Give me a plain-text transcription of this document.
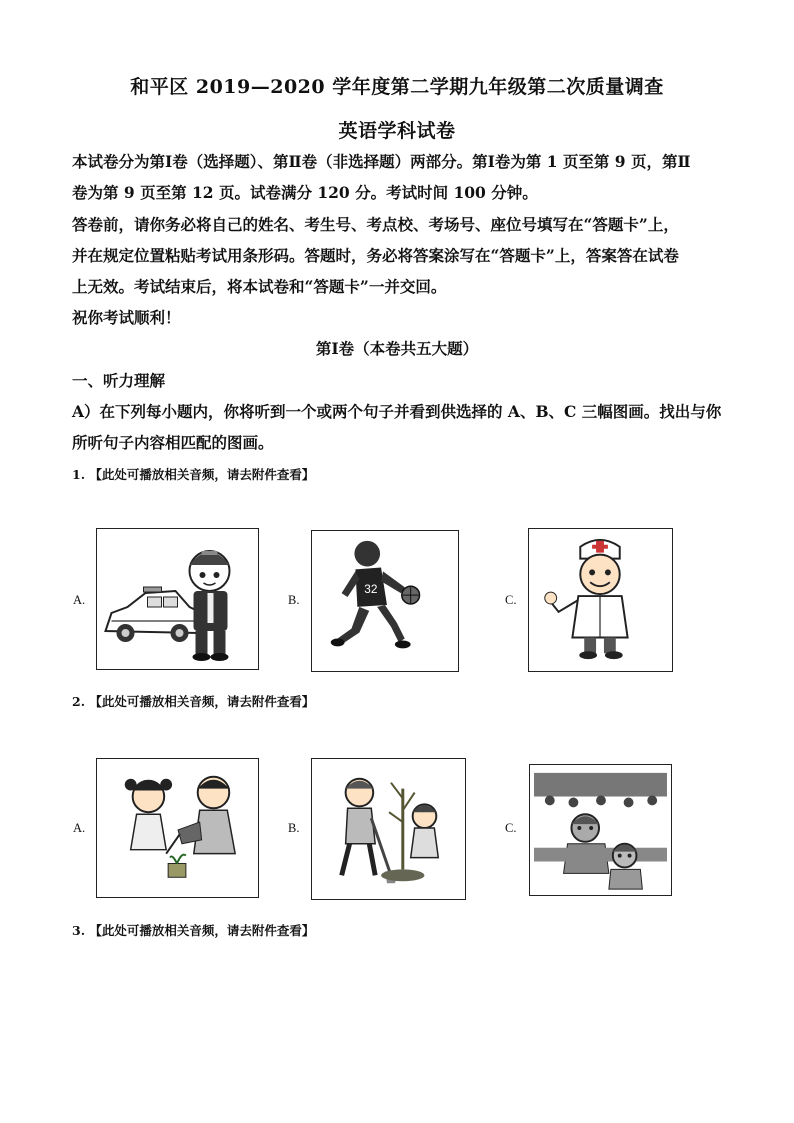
和平区 2019—2020 学年度第二学期九年级第二次质量调查
英语学科试卷
本试卷分为第Ⅰ卷（选择题）、第Ⅱ卷（非选择题）两部分。第Ⅰ卷为第 1 页至第 9 页，第Ⅱ
卷为第 9 页至第 12 页。试卷满分 120 分。考试时间 100 分钟。
答卷前，请你务必将自己的姓名、考生号、考点校、考场号、座位号填写在“答题卡”上，
并在规定位置粘贴考试用条形码。答题时，务必将答案涂写在“答题卡”上，答案答在试卷
上无效。考试结束后，将本试卷和“答题卡”一并交回。
祝你考试顺利！
第Ⅰ卷（本卷共五大题）
一、听力理解
A）在下列每小题内，你将听到一个或两个句子并看到供选择的 A、B、C 三幅图画。找出与你
所听句子内容相匹配的图画。
1. 【此处可播放相关音频，请去附件查看】
A.	B.
32
C.
2. 【此处可播放相关音频，请去附件查看】
A.	B.	C.
3. 【此处可播放相关音频，请去附件查看】
